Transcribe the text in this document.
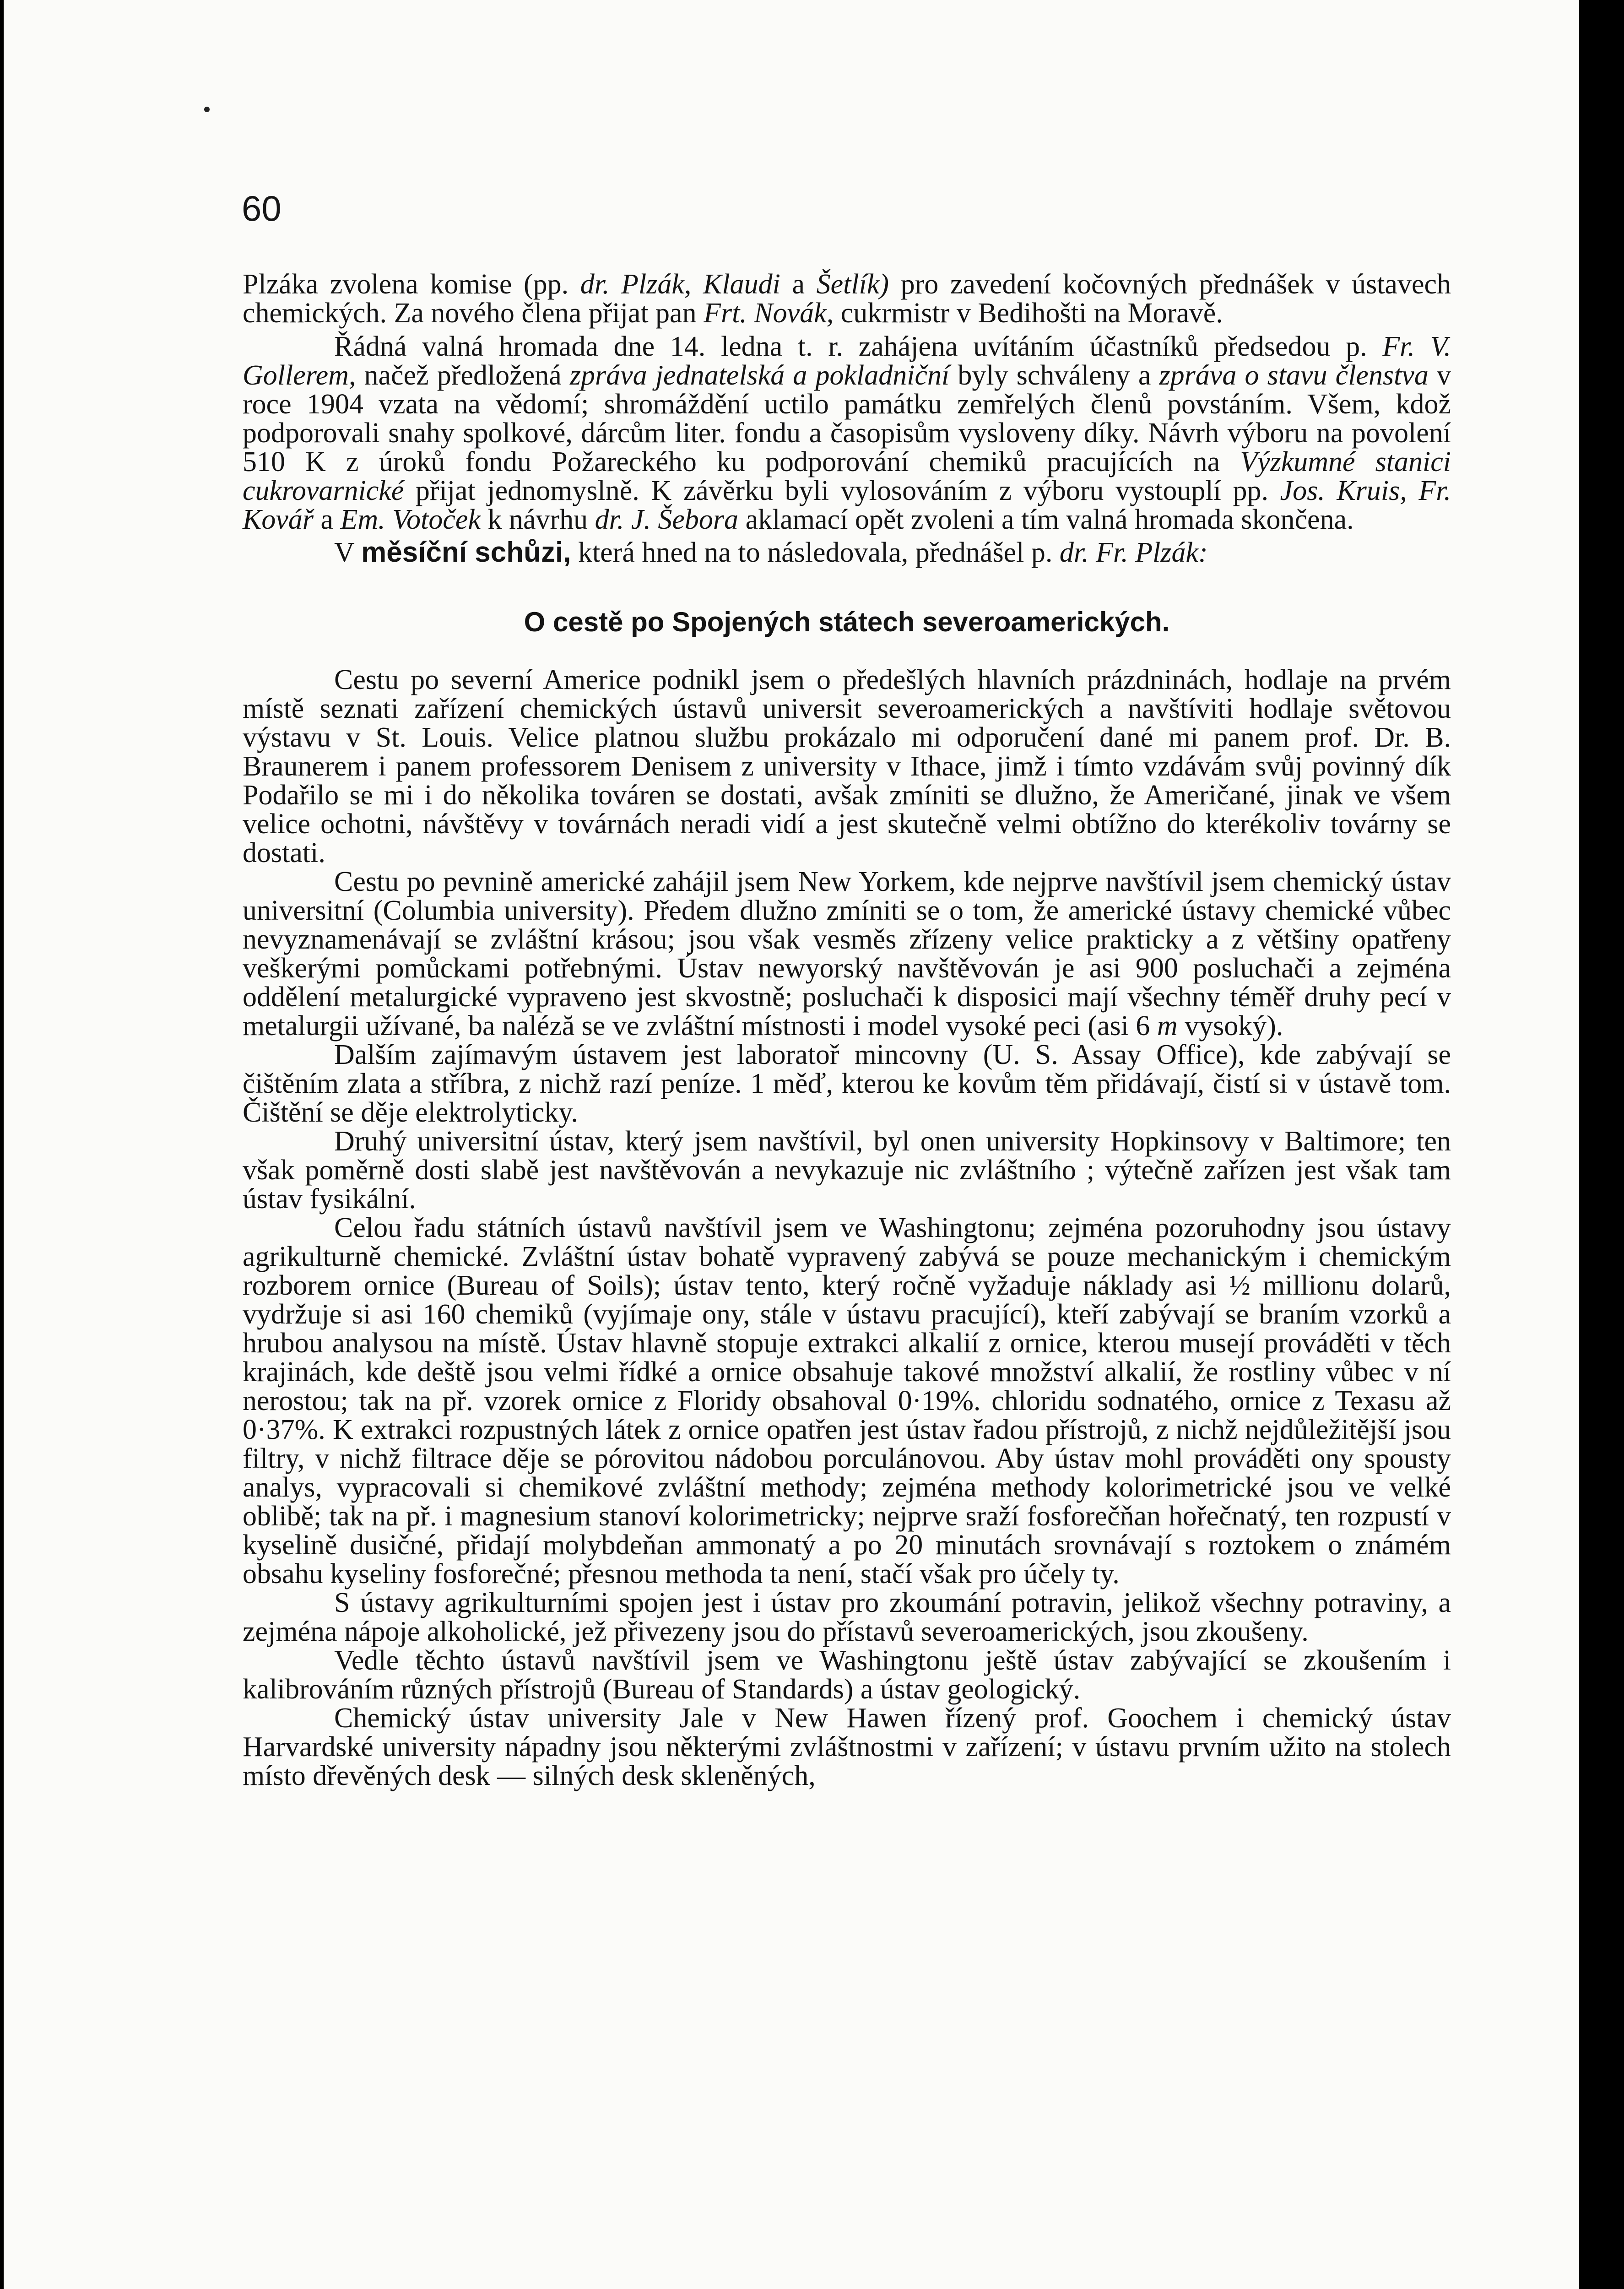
60

Plzáka zvolena komise (pp. dr. Plzák, Klaudi a Šetlík) pro zavedení kočovných přednášek v ústavech chemických. Za nového člena přijat pan Frt. Novák, cukrmistr v Bedihošti na Moravě.

Řádná valná hromada dne 14. ledna t. r. zahájena uvítáním účastníků předsedou p. Fr. V. Gollerem, načež předložená zpráva jednatelská a pokladniční byly schváleny a zpráva o stavu členstva v roce 1904 vzata na vědomí; shromáždění uctilo památku zemřelých členů povstáním. Všem, kdož podporovali snahy spolkové, dárcům liter. fondu a časopisům vysloveny díky. Návrh výboru na povolení 510 K z úroků fondu Požareckého ku podporování chemiků pracujících na Výzkumné stanici cukrovarnické přijat jednomyslně. K závěrku byli vylosováním z výboru vystouplí pp. Jos. Kruis, Fr. Kovář a Em. Votoček k návrhu dr. J. Šebora aklamací opět zvoleni a tím valná hromada skončena.

V měsíční schůzi, která hned na to následovala, přednášel p. dr. Fr. Plzák:

O cestě po Spojených státech severoamerických.

Cestu po severní Americe podnikl jsem o předešlých hlavních prázdninách, hodlaje na prvém místě seznati zařízení chemických ústavů universit severoamerických a navštíviti hodlaje světovou výstavu v St. Louis. Velice platnou službu prokázalo mi odporučení dané mi panem prof. Dr. B. Braunerem i panem professorem Denisem z university v Ithace, jimž i tímto vzdávám svůj povinný dík Podařilo se mi i do několika továren se dostati, avšak zmíniti se dlužno, že Američané, jinak ve všem velice ochotni, návštěvy v továrnách neradi vidí a jest skutečně velmi obtížno do kterékoliv továrny se dostati.

Cestu po pevnině americké zahájil jsem New Yorkem, kde nejprve navštívil jsem chemický ústav universitní (Columbia university). Předem dlužno zmíniti se o tom, že americké ústavy chemické vůbec nevyznamenávají se zvláštní krásou; jsou však vesměs zřízeny velice prakticky a z většiny opatřeny veškerými pomůckami potřebnými. Ústav newyorský navštěvován je asi 900 posluchači a zejména oddělení metalurgické vypraveno jest skvostně; posluchači k disposici mají všechny téměř druhy pecí v metalurgii užívané, ba naléză se ve zvláštní místnosti i model vysoké peci (asi 6 m vysoký).

Dalším zajímavým ústavem jest laboratoř mincovny (U. S. Assay Office), kde zabývají se čištěním zlata a stříbra, z nichž razí peníze. 1 měď, kterou ke kovům těm přidávají, čistí si v ústavě tom. Čištění se děje elektrolyticky.

Druhý universitní ústav, který jsem navštívil, byl onen university Hopkinsovy v Baltimore; ten však poměrně dosti slabě jest navštěvován a nevykazuje nic zvláštního ; výtečně zařízen jest však tam ústav fysikální.

Celou řadu státních ústavů navštívil jsem ve Washingtonu; zejména pozoruhodny jsou ústavy agrikulturně chemické. Zvláštní ústav bohatě vypravený zabývá se pouze mechanickým i chemickým rozborem ornice (Bureau of Soils); ústav tento, který ročně vyžaduje náklady asi ½ millionu dolarů, vydržuje si asi 160 chemiků (vyjímaje ony, stále v ústavu pracující), kteří zabývají se braním vzorků a hrubou analysou na místě. Ústav hlavně stopuje extrakci alkalií z ornice, kterou musejí prováděti v těch krajinách, kde deště jsou velmi řídké a ornice obsahuje takové množství alkalií, že rostliny vůbec v ní nerostou; tak na př. vzorek ornice z Floridy obsahoval 0·19%. chloridu sodnatého, ornice z Texasu až 0·37%. K extrakci rozpustných látek z ornice opatřen jest ústav řadou přístrojů, z nichž nejdůležitější jsou filtry, v nichž filtrace děje se pórovitou nádobou porculánovou. Aby ústav mohl prováděti ony spousty analys, vypracovali si chemikové zvláštní methody; zejména methody kolorimetrické jsou ve velké oblibě; tak na př. i magnesium stanoví kolorimetricky; nejprve sraží fosforečňan hořečnatý, ten rozpustí v kyselině dusičné, přidají molybdeňan ammonatý a po 20 minutách srovnávají s roztokem o známém obsahu kyseliny fosforečné; přesnou methoda ta není, stačí však pro účely ty.

S ústavy agrikulturními spojen jest i ústav pro zkoumání potravin, jelikož všechny potraviny, a zejména nápoje alkoholické, jež přivezeny jsou do přístavů severoamerických, jsou zkoušeny.

Vedle těchto ústavů navštívil jsem ve Washingtonu ještě ústav zabývající se zkoušením i kalibrováním různých přístrojů (Bureau of Standards) a ústav geologický.

Chemický ústav university Jale v New Hawen řízený prof. Goochem i chemický ústav Harvardské university nápadny jsou některými zvláštnostmi v zařízení; v ústavu prvním užito na stolech místo dřevěných desk — silných desk skleněných,
